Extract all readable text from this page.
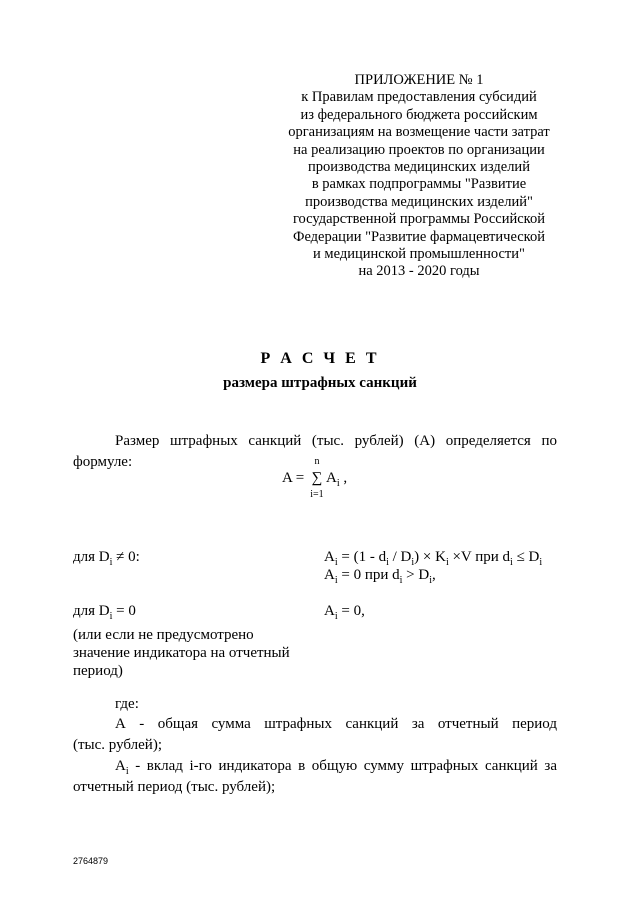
ПРИЛОЖЕНИЕ № 1
к Правилам предоставления субсидий
из федерального бюджета российским
организациям на возмещение части затрат
на реализацию проектов по организации
производства медицинских изделий
в рамках подпрограммы "Развитие
производства медицинских изделий"
государственной программы Российской
Федерации "Развитие фармацевтической
и медицинской промышленности"
на 2013 - 2020 годы
Р А С Ч Е Т
размера штрафных санкций
Размер штрафных санкций (тыс. рублей) (А) определяется по
формуле:
A =
n
∑
i=1
$A_i$ ,
для $D_i \ne 0$:	$A_i = (1 - d_i / D_i) \times K_i \times V$ при $d_i \le D_i$
$A_i = 0$ при $d_i > D_i$,
для $D_i = 0$
(или если не предусмотрено
значение индикатора на отчетный
период)
$A_i = 0$,
где:
А - общая сумма штрафных санкций за отчетный период
(тыс. рублей);
$А_i$ - вклад i-го индикатора в общую сумму штрафных санкций за
отчетный период (тыс. рублей);
2764879
